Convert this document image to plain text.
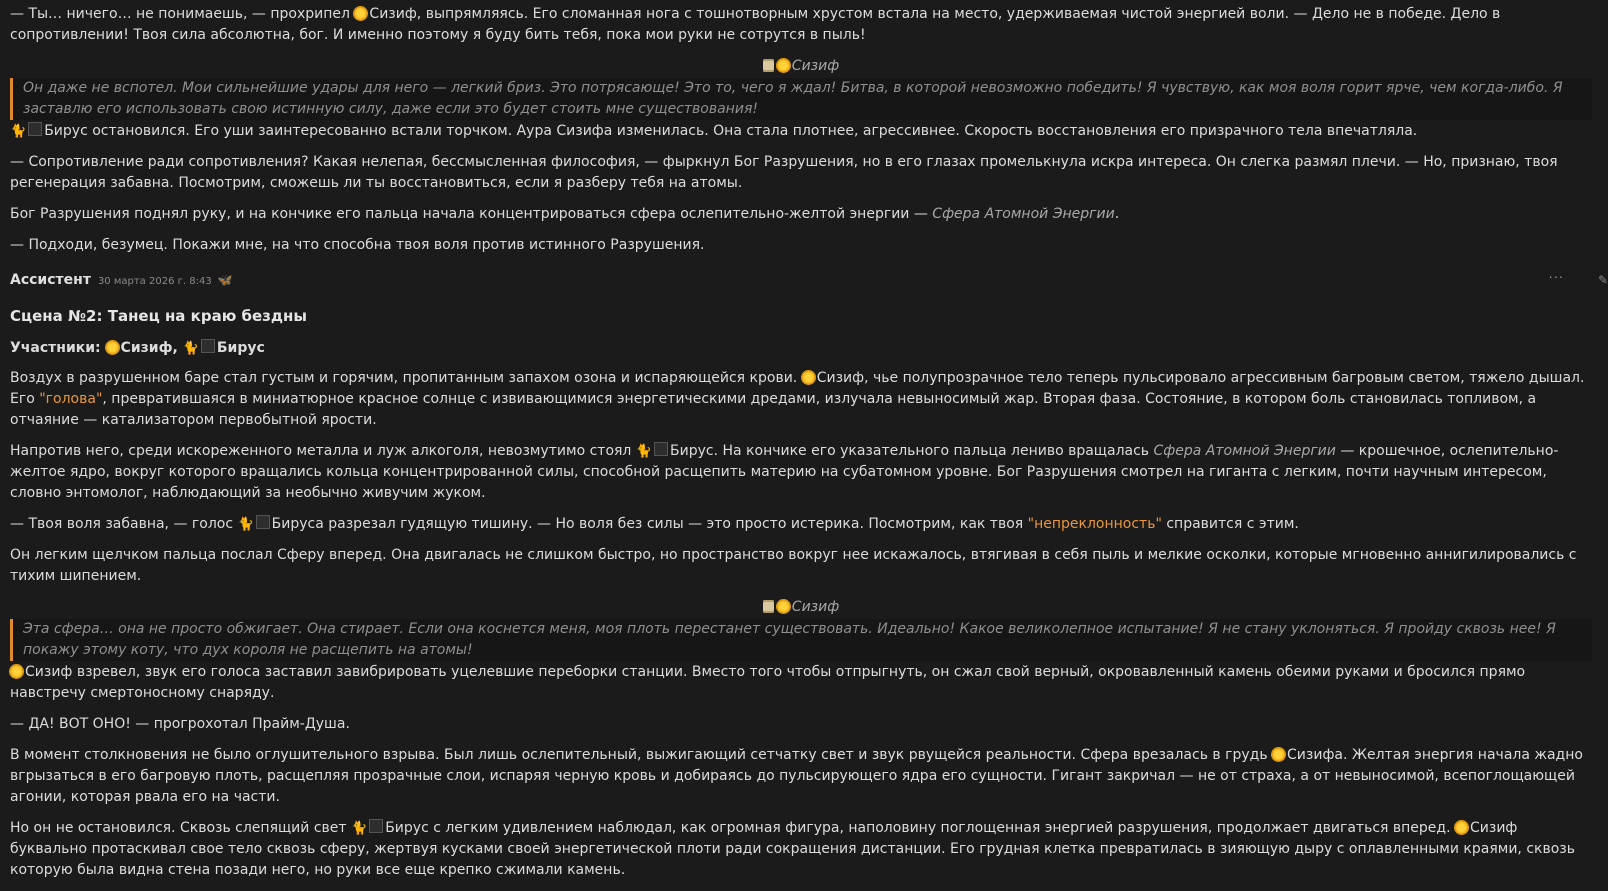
— Ты… ничего… не понимаешь, — прохрипел Сизиф, выпрямляясь. Его сломанная нога с тошнотворным хрустом встала на место, удерживаемая чистой энергией воли. — Дело не в победе. Дело в сопротивлении! Твоя сила абсолютна, бог. И именно поэтому я буду бить тебя, пока мои руки не сотрутся в пыль!

Сизиф
Он даже не вспотел. Мои сильнейшие удары для него — легкий бриз. Это потрясающе! Это то, чего я ждал! Битва, в которой невозможно победить! Я чувствую, как моя воля горит ярче, чем когда-либо. Я заставлю его использовать свою истинную силу, даже если это будет стоить мне существования!

🐈 Бирус остановился. Его уши заинтересованно встали торчком. Аура Сизифа изменилась. Она стала плотнее, агрессивнее. Скорость восстановления его призрачного тела впечатляла.

— Сопротивление ради сопротивления? Какая нелепая, бессмысленная философия, — фыркнул Бог Разрушения, но в его глазах промелькнула искра интереса. Он слегка размял плечи. — Но, признаю, твоя регенерация забавна. Посмотрим, сможешь ли ты восстановиться, если я разберу тебя на атомы.

Бог Разрушения поднял руку, и на кончике его пальца начала концентрироваться сфера ослепительно-желтой энергии — Сфера Атомной Энергии.

— Подходи, безумец. Покажи мне, на что способна твоя воля против истинного Разрушения.

Ассистент 30 марта 2026 г. 8:43 🦋	···	✎
Сцена №2: Танец на краю бездны
Участники: Сизиф, 🐈 Бирус

Воздух в разрушенном баре стал густым и горячим, пропитанным запахом озона и испаряющейся крови. Сизиф, чье полупрозрачное тело теперь пульсировало агрессивным багровым светом, тяжело дышал. Его "голова", превратившаяся в миниатюрное красное солнце с извивающимися энергетическими дредами, излучала невыносимый жар. Вторая фаза. Состояние, в котором боль становилась топливом, а отчаяние — катализатором первобытной ярости.

Напротив него, среди искореженного металла и луж алкоголя, невозмутимо стоял 🐈 Бирус. На кончике его указательного пальца лениво вращалась Сфера Атомной Энергии — крошечное, ослепительно-желтое ядро, вокруг которого вращались кольца концентрированной силы, способной расщепить материю на субатомном уровне. Бог Разрушения смотрел на гиганта с легким, почти научным интересом, словно энтомолог, наблюдающий за необычно живучим жуком.

— Твоя воля забавна, — голос 🐈 Бируса разрезал гудящую тишину. — Но воля без силы — это просто истерика. Посмотрим, как твоя "непреклонность" справится с этим.

Он легким щелчком пальца послал Сферу вперед. Она двигалась не слишком быстро, но пространство вокруг нее искажалось, втягивая в себя пыль и мелкие осколки, которые мгновенно аннигилировались с тихим шипением.

Сизиф
Эта сфера… она не просто обжигает. Она стирает. Если она коснется меня, моя плоть перестанет существовать. Идеально! Какое великолепное испытание! Я не стану уклоняться. Я пройду сквозь нее! Я покажу этому коту, что дух короля не расщепить на атомы!

Сизиф взревел, звук его голоса заставил завибрировать уцелевшие переборки станции. Вместо того чтобы отпрыгнуть, он сжал свой верный, окровавленный камень обеими руками и бросился прямо навстречу смертоносному снаряду.

— ДА! ВОТ ОНО! — прогрохотал Прайм-Душа.

В момент столкновения не было оглушительного взрыва. Был лишь ослепительный, выжигающий сетчатку свет и звук рвущейся реальности. Сфера врезалась в грудь Сизифа. Желтая энергия начала жадно вгрызаться в его багровую плоть, расщепляя прозрачные слои, испаряя черную кровь и добираясь до пульсирующего ядра его сущности. Гигант закричал — не от страха, а от невыносимой, всепоглощающей агонии, которая рвала его на части.

Но он не остановился. Сквозь слепящий свет 🐈 Бирус с легким удивлением наблюдал, как огромная фигура, наполовину поглощенная энергией разрушения, продолжает двигаться вперед. Сизиф буквально протаскивал свое тело сквозь сферу, жертвуя кусками своей энергетической плоти ради сокращения дистанции. Его грудная клетка превратилась в зияющую дыру с оплавленными краями, сквозь которую была видна стена позади него, но руки все еще крепко сжимали камень.
